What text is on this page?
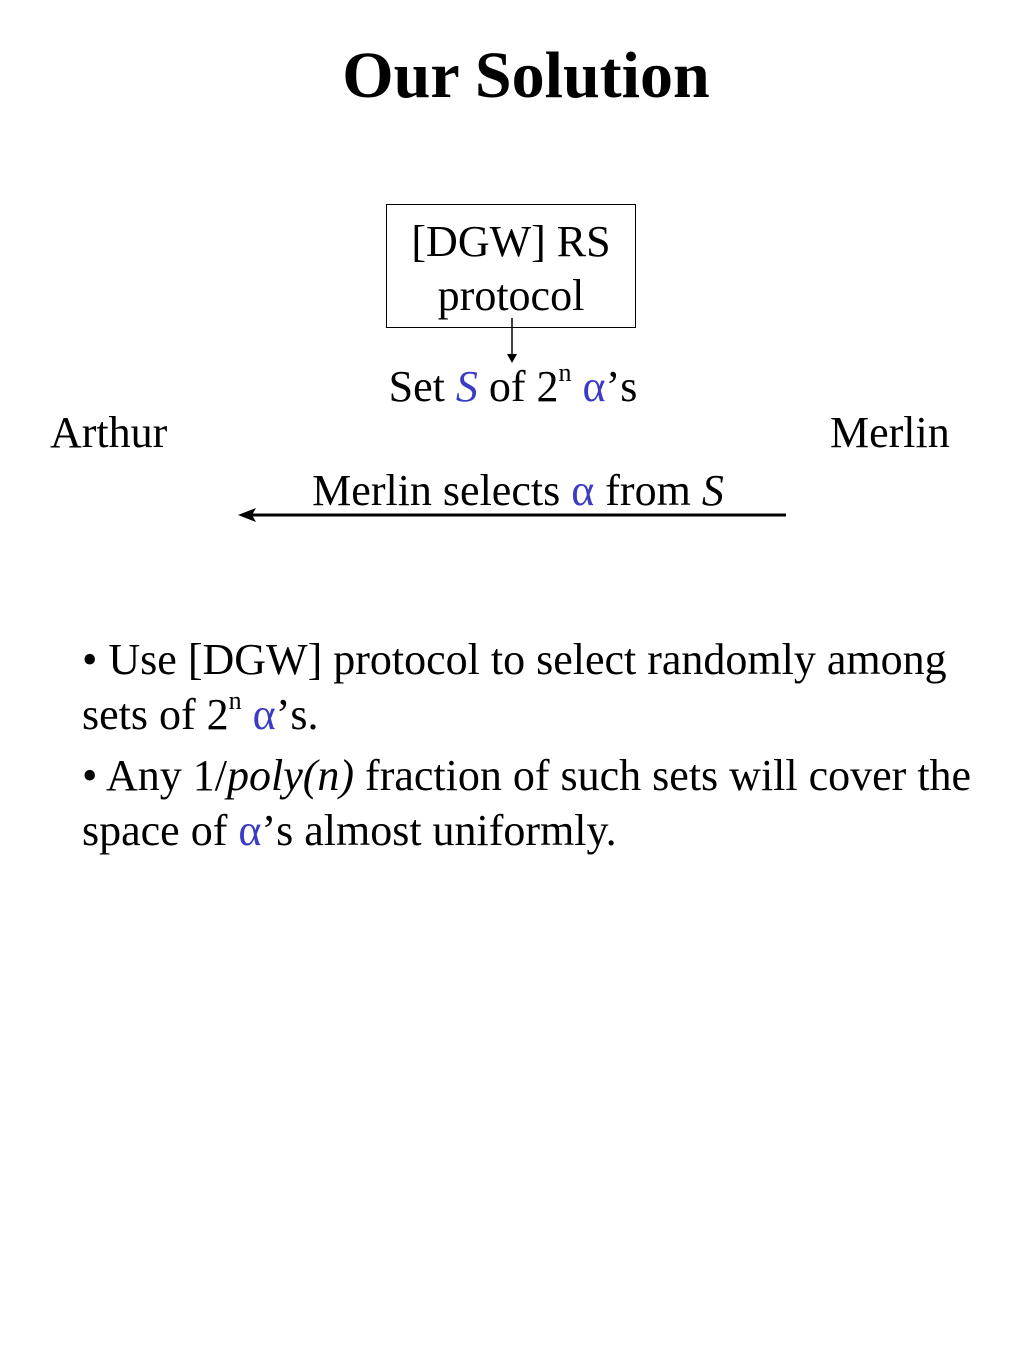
Our Solution
[DGW] RS
protocol
Set S of 2$^n$ α’s
Arthur	Merlin
Merlin selects α from S
• Use [DGW] protocol to select randomly among sets of 2$^n$ α’s.
• Any 1/poly(n) fraction of such sets will cover the space of α’s almost uniformly.
